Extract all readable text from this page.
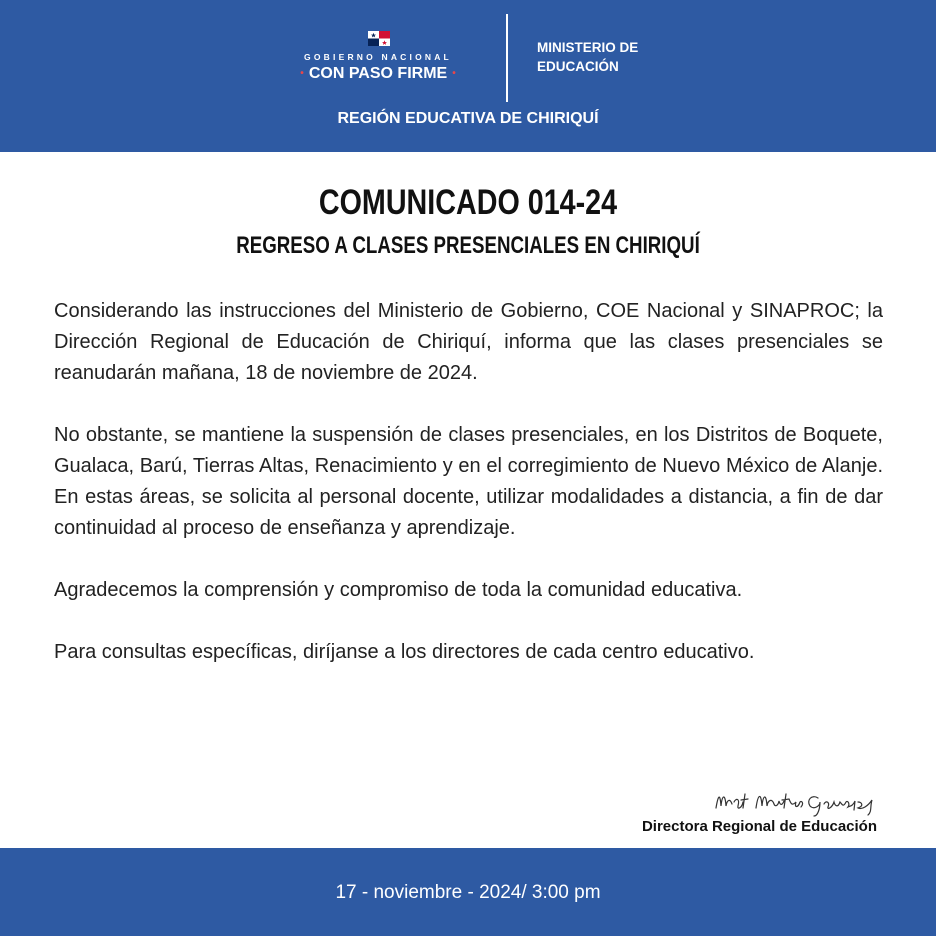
GOBIERNO NACIONAL
• CON PASO FIRME •
MINISTERIO DE
EDUCACIÓN
REGIÓN EDUCATIVA DE CHIRIQUÍ
COMUNICADO 014-24
REGRESO A CLASES PRESENCIALES EN CHIRIQUÍ

Considerando las instrucciones del Ministerio de Gobierno, COE Nacional y SINAPROC; la Dirección Regional de Educación de Chiriquí, informa que las clases presenciales se reanudarán mañana, 18 de noviembre de 2024.

No obstante, se mantiene la suspensión de clases presenciales, en los Distritos de Boquete, Gualaca, Barú, Tierras Altas, Renacimiento y en el corregimiento de Nuevo México de Alanje. En estas áreas, se solicita al personal docente, utilizar modalidades a distancia, a fin de dar continuidad al proceso de enseñanza y aprendizaje.

Agradecemos la comprensión y compromiso de toda la comunidad educativa.

Para consultas específicas, diríjanse a los directores de cada centro educativo.

Directora Regional de Educación
17 - noviembre - 2024/ 3:00 pm
